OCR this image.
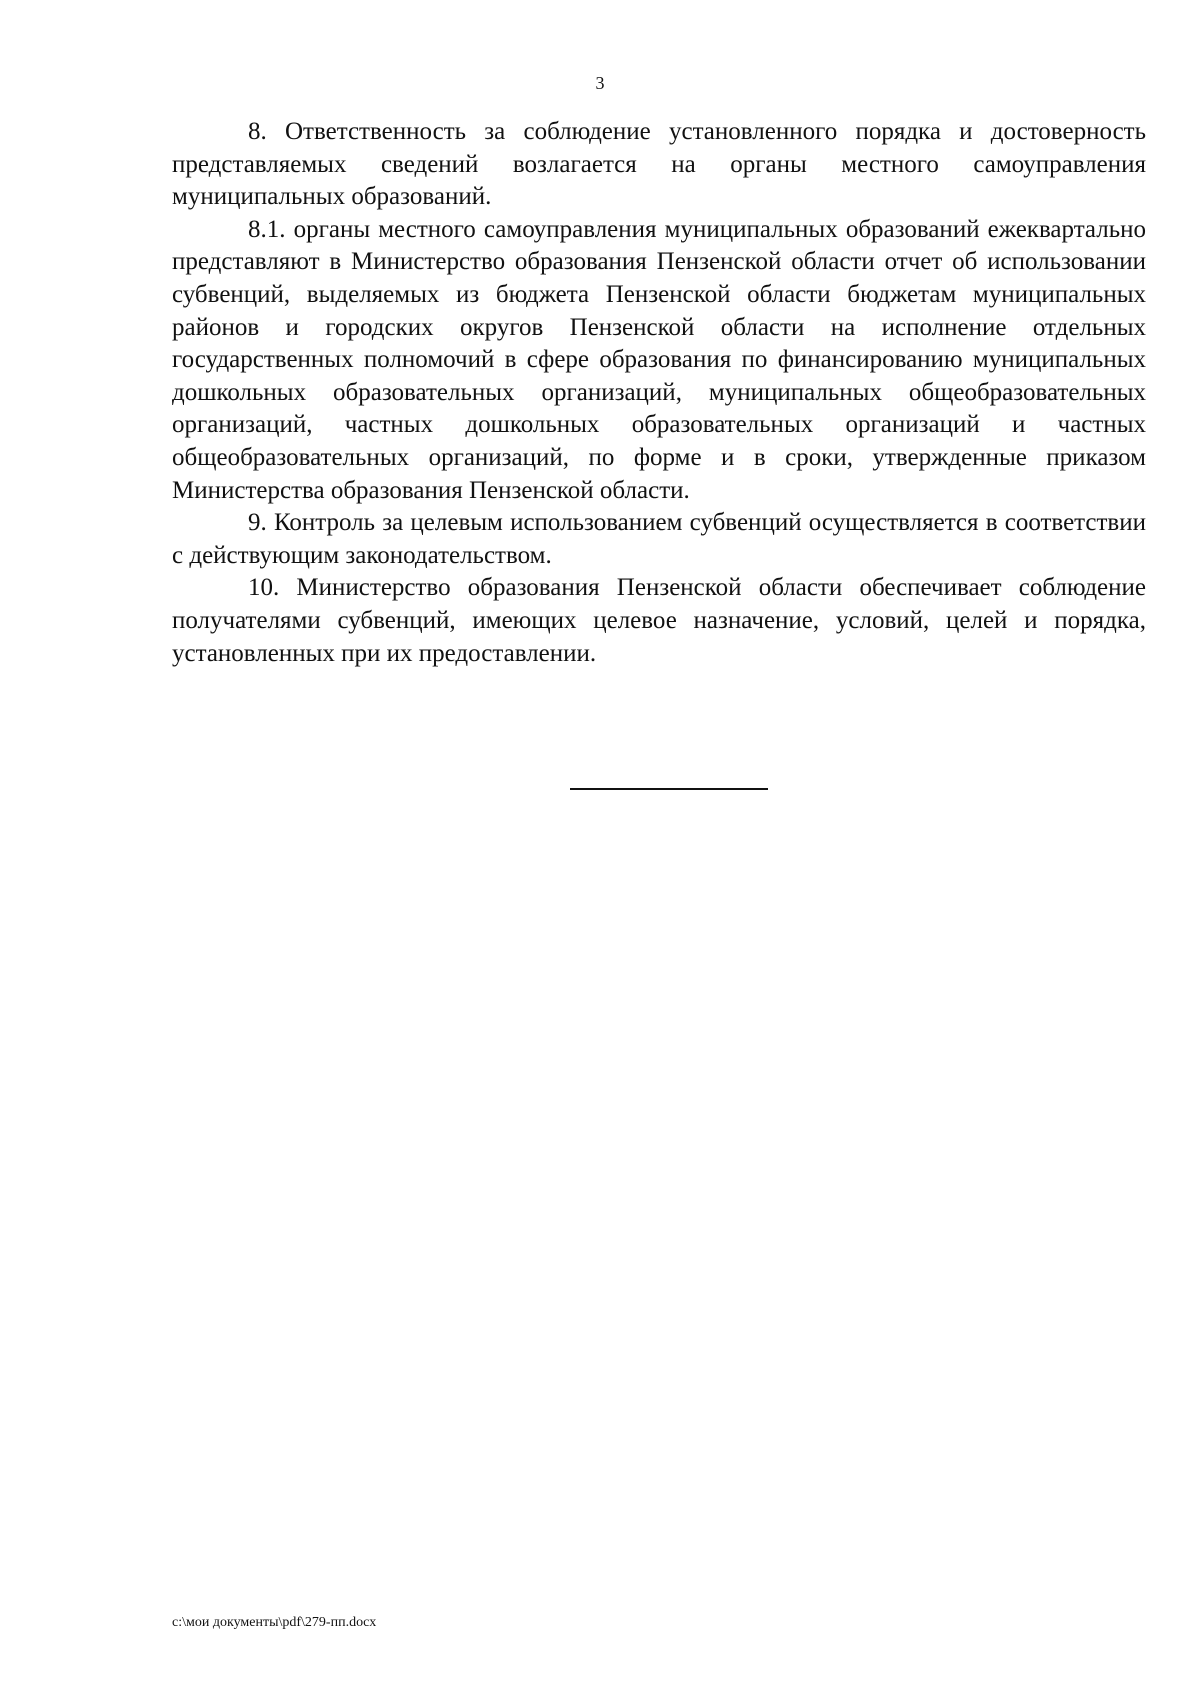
3

8. Ответственность за соблюдение установленного порядка и достоверность представляемых сведений возлагается на органы местного самоуправления муниципальных образований.

8.1. органы местного самоуправления муниципальных образований ежеквартально представляют в Министерство образования Пензенской области отчет об использовании субвенций, выделяемых из бюджета Пензенской области бюджетам муниципальных районов и городских округов Пензенской области на исполнение отдельных государственных полномочий в сфере образования по финансированию муниципальных дошкольных образовательных организаций, муниципальных общеобразовательных организаций, частных дошкольных образовательных организаций и частных общеобразовательных организаций, по форме и в сроки, утвержденные приказом Министерства образования Пензенской области.

9. Контроль за целевым использованием субвенций осуществляется в соответствии с действующим законодательством.

10. Министерство образования Пензенской области обеспечивает соблюдение получателями субвенций, имеющих целевое назначение, условий, целей и порядка, установленных при их предоставлении.

c:\мои документы\pdf\279-пп.docx
